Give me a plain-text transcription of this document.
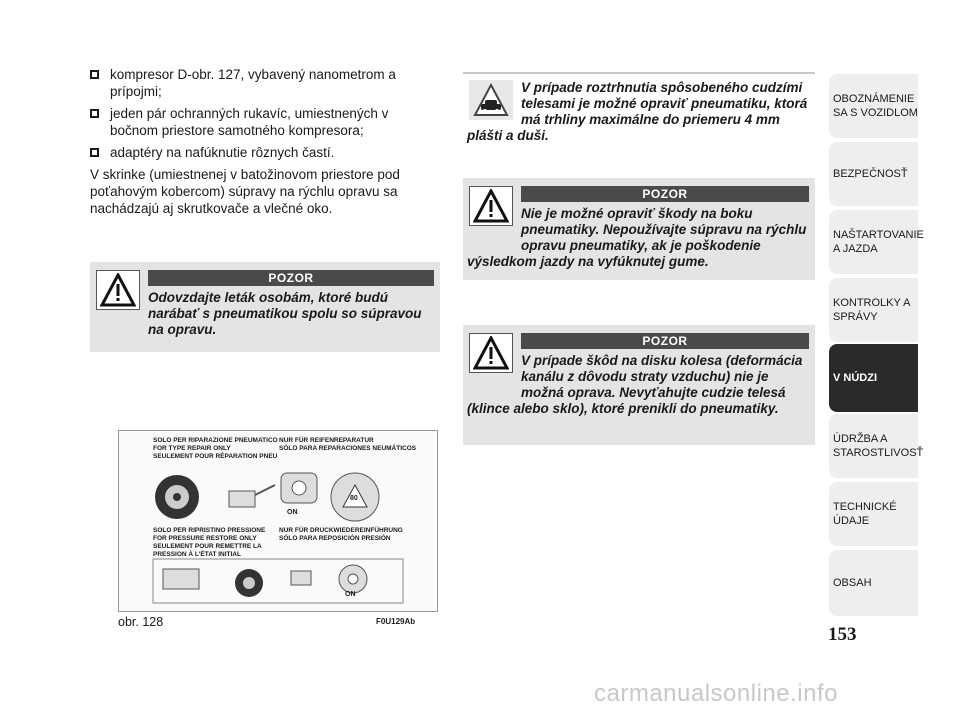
kompresor D-obr. 127, vybavený nanometrom a prípojmi;
jeden pár ochranných rukavíc, umiestnených v bočnom priestore samotného kompresora;
adaptéry na nafúknutie rôznych častí.
V skrinke (umiestnenej v batožinovom priestore pod poťahovým kobercom) súpravy na rýchlu opravu sa nachádzajú aj skrutkovače a vlečné oko.
POZOR
Odovzdajte leták osobám, ktoré budú narábať s pneumatikou spolu so súpravou na opravu.
V prípade roztrhnutia spôsobeného cudzími telesami je možné opraviť pneumatiku, ktorá má trhliny maximálne do priemeru 4 mm plášti a duši.
POZOR
Nie je možné opraviť škody na boku pneumatiky. Nepoužívajte súpravu na rýchlu opravu pneumatiky, ak je poškodenie výsledkom jazdy na vyfúknutej gume.
POZOR
V prípade škôd na disku kolesa (deformácia kanálu z dôvodu straty vzduchu) nie je možná oprava. Nevyťahujte cudzie telesá (klince alebo sklo), ktoré prenikli do pneumatiky.
SOLO PER RIPARAZIONE PNEUMATICO
FOR TYPE REPAIR ONLY
SEULEMENT POUR RÉPARATION PNEU
NUR FÜR REIFENREPARATUR
SÓLO PARA REPARACIONES NEUMÁTICOS
ON
80
SOLO PER RIPRISTINO PRESSIONE
FOR PRESSURE RESTORE ONLY
SEULEMENT POUR REMETTRE LA
PRESSION À L'ÉTAT INITIAL
NUR FÜR DRUCKWIEDEREINFÜHRUNG
SÓLO PARA REPOSICIÓN PRESIÓN
ON
obr. 128	F0U129Ab
OBOZNÁMENIE SA S VOZIDLOM
BEZPEČNOSŤ
NAŠTARTOVANIE A JAZDA
KONTROLKY A SPRÁVY
V NÚDZI
ÚDRŽBA A STAROSTLIVOSŤ
TECHNICKÉ ÚDAJE
OBSAH
153
carmanualsonline.info
